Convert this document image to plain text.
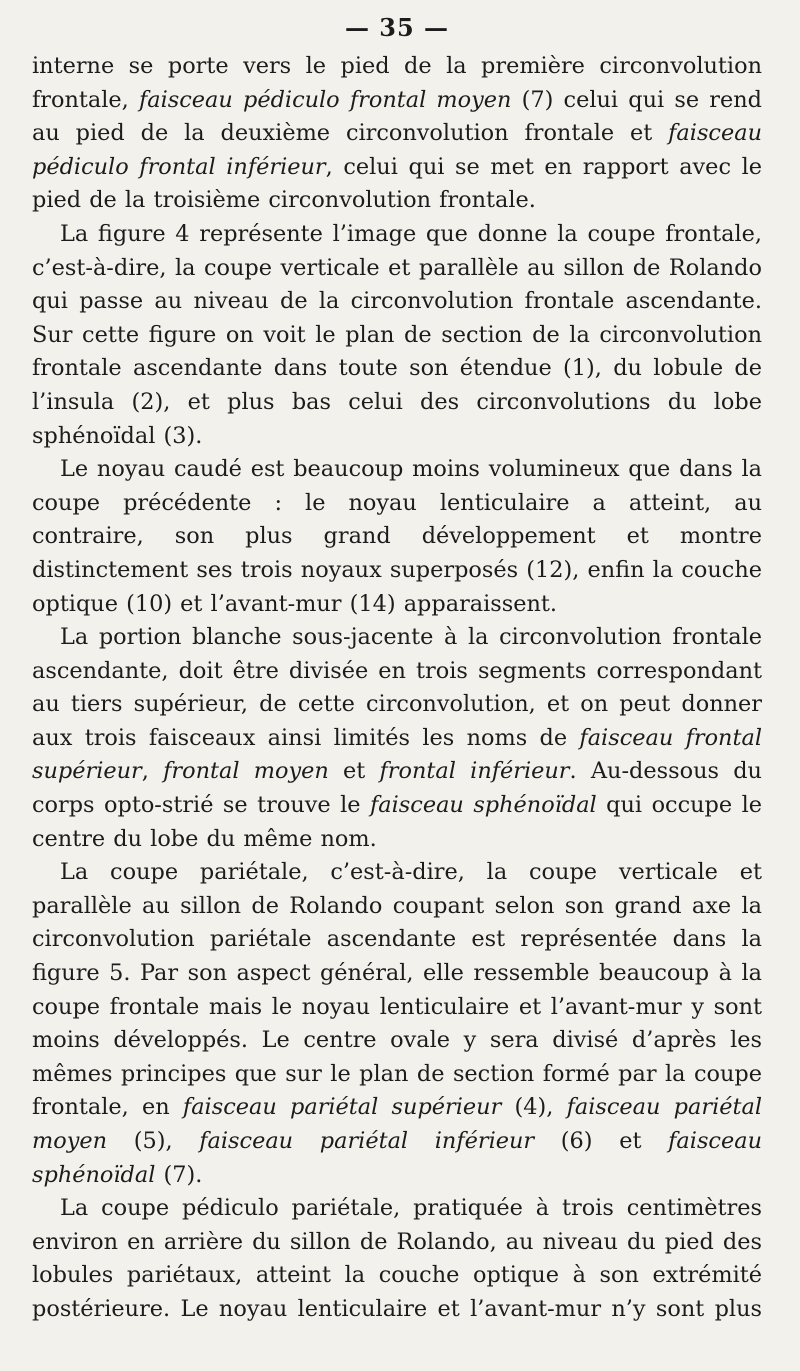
— 35 —

interne se porte vers le pied de la première circonvolution frontale, faisceau pédiculo frontal moyen (7) celui qui se rend au pied de la deuxième circonvolution frontale et faisceau pédiculo frontal inférieur, celui qui se met en rapport avec le pied de la troisième circonvolution frontale.

La figure 4 représente l’image que donne la coupe frontale, c’est-à-dire, la coupe verticale et parallèle au sillon de Rolando qui passe au niveau de la circonvolution frontale ascendante. Sur cette figure on voit le plan de section de la circonvolution frontale ascendante dans toute son étendue (1), du lobule de l’insula (2), et plus bas celui des circonvolutions du lobe sphénoïdal (3).

Le noyau caudé est beaucoup moins volumineux que dans la coupe précédente : le noyau lenticulaire a atteint, au contraire, son plus grand développement et montre distinctement ses trois noyaux superposés (12), enfin la couche optique (10) et l’avant-mur (14) apparaissent.

La portion blanche sous-jacente à la circonvolution frontale ascendante, doit être divisée en trois segments correspondant au tiers supérieur, de cette circonvolution, et on peut donner aux trois faisceaux ainsi limités les noms de faisceau frontal supérieur, frontal moyen et frontal inférieur. Au-dessous du corps opto-strié se trouve le faisceau sphénoïdal qui occupe le centre du lobe du même nom.

La coupe pariétale, c’est-à-dire, la coupe verticale et parallèle au sillon de Rolando coupant selon son grand axe la circonvolution pariétale ascendante est représentée dans la figure 5. Par son aspect général, elle ressemble beaucoup à la coupe frontale mais le noyau lenticulaire et l’avant-mur y sont moins développés. Le centre ovale y sera divisé d’après les mêmes principes que sur le plan de section formé par la coupe frontale, en faisceau pariétal supérieur (4), faisceau pariétal moyen (5), faisceau pariétal inférieur (6) et faisceau sphénoïdal (7).

La coupe pédiculo pariétale, pratiquée à trois centimètres environ en arrière du sillon de Rolando, au niveau du pied des lobules pariétaux, atteint la couche optique à son extrémité postérieure. Le noyau lenticulaire et l’avant-mur n’y sont plus
